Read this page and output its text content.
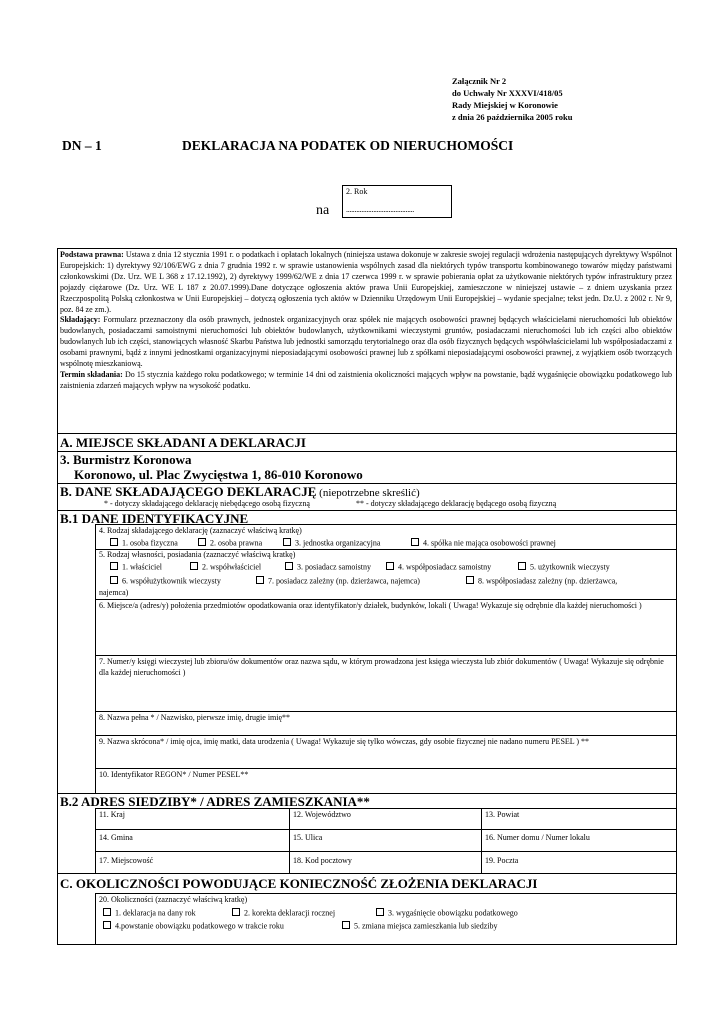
Załącznik Nr 2
do Uchwały Nr XXXVI/418/05
Rady Miejskiej w Koronowie
z dnia 26 października 2005 roku
DN – 1	DEKLARACJA NA PODATEK OD NIERUCHOMOŚCI
na
2. Rok
........................................

Podstawa prawna: Ustawa z dnia 12 stycznia 1991 r. o podatkach i opłatach lokalnych (niniejsza ustawa dokonuje w zakresie swojej regulacji wdrożenia następujących dyrektywy Wspólnot Europejskich: 1) dyrektywy 92/106/EWG z dnia 7 grudnia 1992 r. w sprawie ustanowienia wspólnych zasad dla niektórych typów transportu kombinowanego towarów między państwami członkowskimi (Dz. Urz. WE L 368 z 17.12.1992), 2) dyrektywy 1999/62/WE z dnia 17 czerwca 1999 r. w sprawie pobierania opłat za użytkowanie niektórych typów infrastruktury przez pojazdy ciężarowe (Dz. Urz. WE L 187 z 20.07.1999).Dane dotyczące ogłoszenia aktów prawa Unii Europejskiej, zamieszczone w niniejszej ustawie – z dniem uzyskania przez Rzeczpospolitą Polską członkostwa w Unii Europejskiej – dotyczą ogłoszenia tych aktów w Dzienniku Urzędowym Unii Europejskiej – wydanie specjalne; tekst jedn. Dz.U. z 2002 r. Nr 9, poz. 84 ze zm.).

Składający: Formularz przeznaczony dla osób prawnych, jednostek organizacyjnych oraz spółek nie mających osobowości prawnej będących właścicielami nieruchomości lub obiektów budowlanych, posiadaczami samoistnymi nieruchomości lub obiektów budowlanych, użytkownikami wieczystymi gruntów, posiadaczami nieruchomości lub ich części albo obiektów budowlanych lub ich części, stanowiących własność Skarbu Państwa lub jednostki samorządu terytorialnego oraz dla osób fizycznych będących współwłaścicielami lub współposiadaczami z osobami prawnymi, bądź z innymi jednostkami organizacyjnymi nieposiadającymi osobowości prawnej lub z spółkami nieposiadającymi osobowości prawnej, z wyjątkiem osób tworzących wspólnotę mieszkaniową.

Termin składania: Do 15 stycznia każdego roku podatkowego; w terminie 14 dni od zaistnienia okoliczności mających wpływ na powstanie, bądź wygaśnięcie obowiązku podatkowego lub zaistnienia zdarzeń mających wpływ na wysokość podatku.

A. MIEJSCE SKŁADANI A DEKLARACJI
3. Burmistrz Koronowa
Koronowo, ul. Plac Zwycięstwa 1, 86-010 Koronowo
B. DANE SKŁADAJĄCEGO DEKLARACJĘ (niepotrzebne skreślić)
* - dotyczy składającego deklarację niebędącego osobą fizyczną	** - dotyczy składającego deklarację będącego osobą fizyczną
B.1 DANE IDENTYFIKACYJNE
4. Rodzaj składającego deklarację (zaznaczyć właściwą kratkę)
1. osoba fizyczna	2. osoba prawna	3. jednostka organizacyjna	4. spółka nie mająca osobowości prawnej
5. Rodzaj własności, posiadania (zaznaczyć właściwą kratkę)
1. właściciel	2. współwłaściciel	3. posiadacz samoistny	4. współposiadacz samoistny	5. użytkownik wieczysty
6. współużytkownik wieczysty	7. posiadacz zależny (np. dzierżawca, najemca)	8. współposiadasz zależny (np. dzierżawca,
najemca)
6. Miejsce/a (adres/y) położenia przedmiotów opodatkowania oraz identyfikator/y działek, budynków, lokali ( Uwaga! Wykazuje się odrębnie dla każdej nieruchomości )
7. Numer/y księgi wieczystej lub zbioru/ów dokumentów oraz nazwa sądu, w którym prowadzona jest księga wieczysta lub zbiór dokumentów ( Uwaga! Wykazuje się odrębnie dla każdej nieruchomości )
8. Nazwa pełna * / Nazwisko, pierwsze imię, drugie imię**
9. Nazwa skrócona* / imię ojca, imię matki, data urodzenia ( Uwaga! Wykazuje się tylko wówczas, gdy osobie fizycznej nie nadano numeru PESEL ) **
10. Identyfikator REGON* / Numer PESEL**
B.2 ADRES SIEDZIBY* / ADRES ZAMIESZKANIA**
11. Kraj	12. Województwo	13. Powiat
14. Gmina	15. Ulica	16. Numer domu / Numer lokalu
17. Miejscowość	18. Kod pocztowy	19. Poczta
C. OKOLICZNOŚCI POWODUJĄCE KONIECZNOŚĆ ZŁOŻENIA DEKLARACJI
20. Okoliczności (zaznaczyć właściwą kratkę)
1. deklaracja na dany rok	2. korekta deklaracji rocznej	3. wygaśnięcie obowiązku podatkowego
4.powstanie obowiązku podatkowego w trakcie roku	5. zmiana miejsca zamieszkania lub siedziby
